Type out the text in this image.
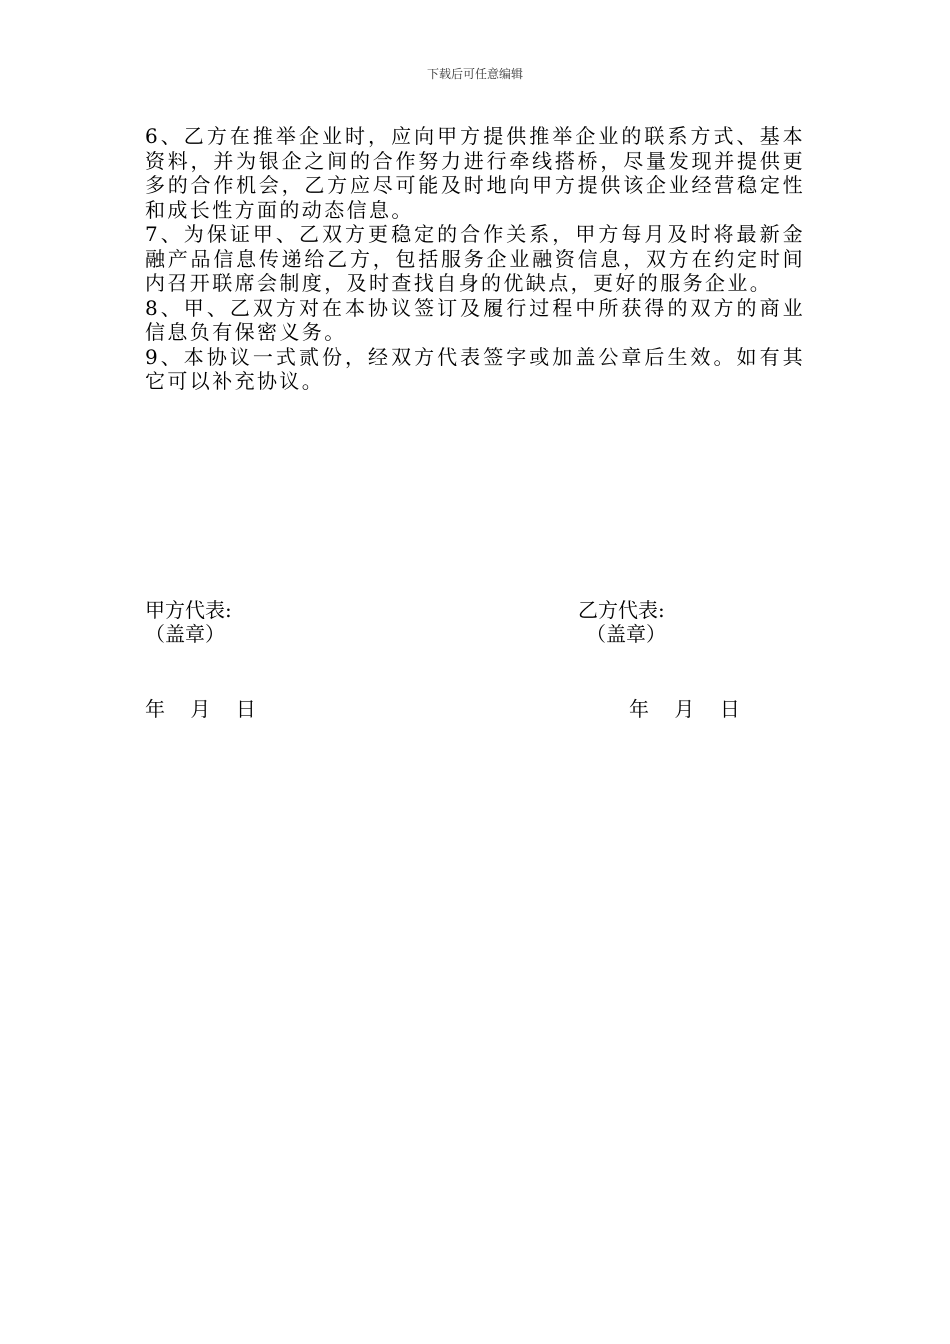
下载后可任意编辑

6、乙方在推举企业时，应向甲方提供推举企业的联系方式、基本资料，并为银企之间的合作努力进行牵线搭桥，尽量发现并提供更多的合作机会，乙方应尽可能及时地向甲方提供该企业经营稳定性和成长性方面的动态信息。

7、为保证甲、乙双方更稳定的合作关系，甲方每月及时将最新金融产品信息传递给乙方，包括服务企业融资信息，双方在约定时间内召开联席会制度，及时查找自身的优缺点，更好的服务企业。

8、甲、乙双方对在本协议签订及履行过程中所获得的双方的商业信息负有保密义务。

9、本协议一式贰份，经双方代表签字或加盖公章后生效。如有其它可以补充协议。

甲方代表:
（盖章）
年    月    日
乙方代表:
（盖章）
年    月    日
